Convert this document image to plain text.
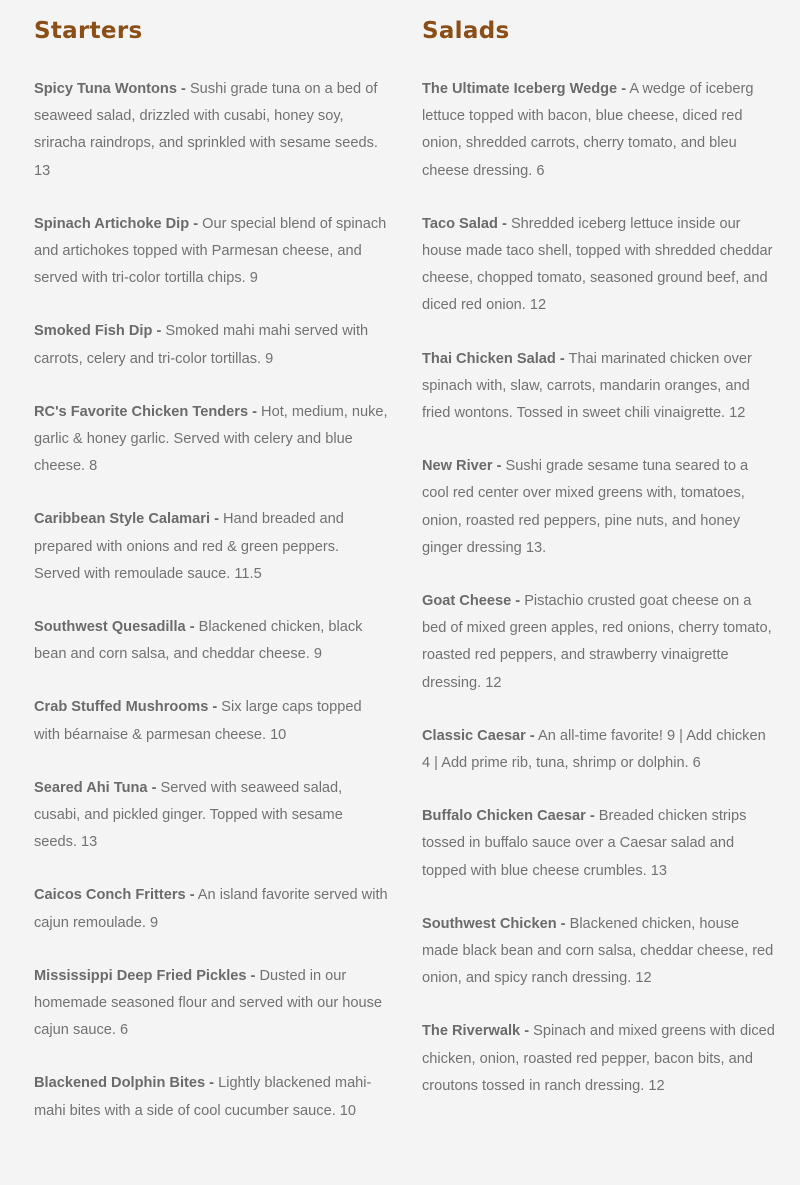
Starters

Spicy Tuna Wontons - Sushi grade tuna on a bed of seaweed salad, drizzled with cusabi, honey soy, sriracha raindrops, and sprinkled with sesame seeds. 13

Spinach Artichoke Dip - Our special blend of spinach and artichokes topped with Parmesan cheese, and served with tri-color tortilla chips. 9

Smoked Fish Dip - Smoked mahi mahi served with carrots, celery and tri-color tortillas. 9

RC's Favorite Chicken Tenders - Hot, medium, nuke, garlic & honey garlic. Served with celery and blue cheese. 8

Caribbean Style Calamari - Hand breaded and prepared with onions and red & green peppers. Served with remoulade sauce. 11.5

Southwest Quesadilla - Blackened chicken, black bean and corn salsa, and cheddar cheese. 9

Crab Stuffed Mushrooms - Six large caps topped with béarnaise & parmesan cheese. 10

Seared Ahi Tuna - Served with seaweed salad, cusabi, and pickled ginger. Topped with sesame seeds. 13

Caicos Conch Fritters - An island favorite served with cajun remoulade. 9

Mississippi Deep Fried Pickles - Dusted in our homemade seasoned flour and served with our house cajun sauce. 6

Blackened Dolphin Bites - Lightly blackened mahi-mahi bites with a side of cool cucumber sauce. 10

Salads

The Ultimate Iceberg Wedge - A wedge of iceberg lettuce topped with bacon, blue cheese, diced red onion, shredded carrots, cherry tomato, and bleu cheese dressing. 6

Taco Salad - Shredded iceberg lettuce inside our house made taco shell, topped with shredded cheddar cheese, chopped tomato, seasoned ground beef, and diced red onion. 12

Thai Chicken Salad - Thai marinated chicken over spinach with, slaw, carrots, mandarin oranges, and fried wontons. Tossed in sweet chili vinaigrette. 12

New River - Sushi grade sesame tuna seared to a cool red center over mixed greens with, tomatoes, onion, roasted red peppers, pine nuts, and honey ginger dressing 13.

Goat Cheese - Pistachio crusted goat cheese on a bed of mixed green apples, red onions, cherry tomato, roasted red peppers, and strawberry vinaigrette dressing. 12

Classic Caesar - An all-time favorite! 9 | Add chicken 4 | Add prime rib, tuna, shrimp or dolphin. 6

Buffalo Chicken Caesar - Breaded chicken strips tossed in buffalo sauce over a Caesar salad and topped with blue cheese crumbles. 13

Southwest Chicken - Blackened chicken, house made black bean and corn salsa, cheddar cheese, red onion, and spicy ranch dressing. 12

The Riverwalk - Spinach and mixed greens with diced chicken, onion, roasted red pepper, bacon bits, and croutons tossed in ranch dressing. 12
